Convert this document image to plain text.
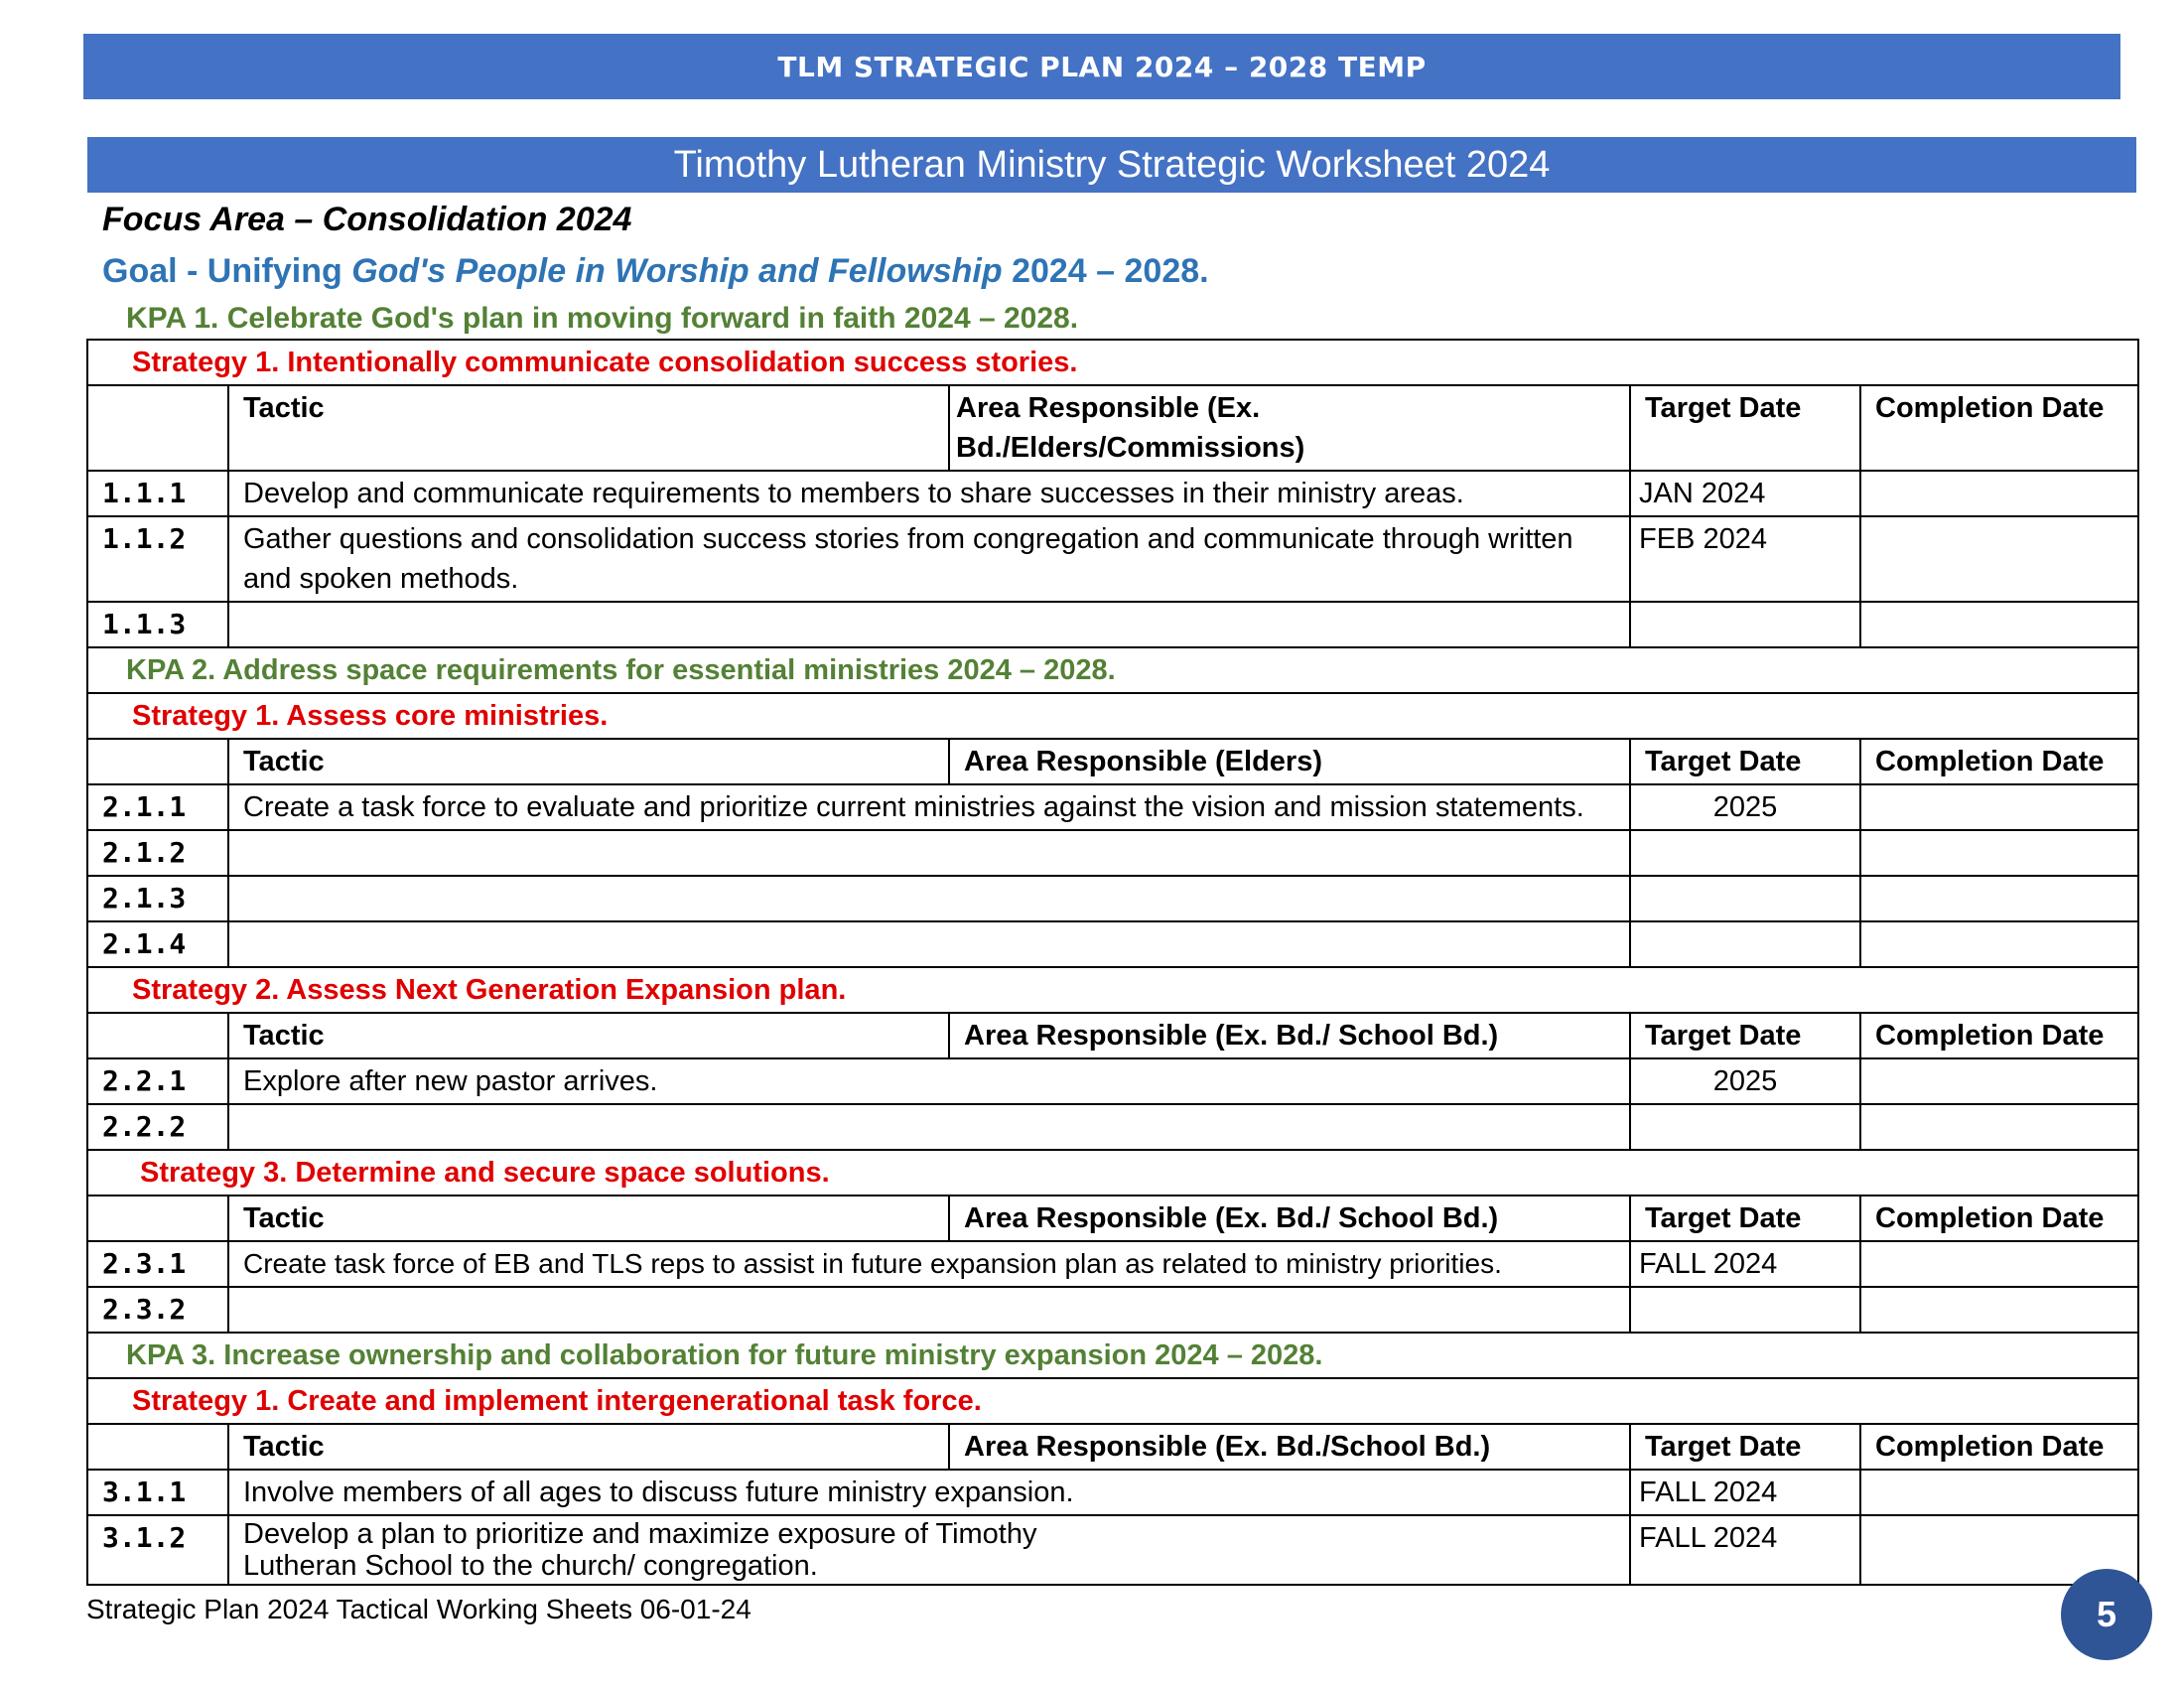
TLM STRATEGIC PLAN 2024 – 2028 TEMP
Timothy Lutheran Ministry Strategic Worksheet 2024
Focus Area – Consolidation 2024
Goal - Unifying God's People in Worship and Fellowship 2024 – 2028.
KPA 1. Celebrate God's plan in moving forward in faith 2024 – 2028.
Strategy 1. Intentionally communicate consolidation success stories.				
	Tactic	Area Responsible (Ex. Bd./Elders/Commissions)	Target Date	Completion Date
1.1.1	Develop and communicate requirements to members to share successes in their ministry areas.		JAN 2024	
1.1.2	Gather questions and consolidation success stories from congregation and communicate through written and spoken methods.		FEB 2024	
1.1.3				
KPA 2. Address space requirements for essential ministries 2024 – 2028.				
Strategy 1. Assess core ministries.				
	Tactic	Area Responsible (Elders)	Target Date	Completion Date
2.1.1	Create a task force to evaluate and prioritize current ministries against the vision and mission statements.		2025	
2.1.2				
2.1.3				
2.1.4				
Strategy 2. Assess Next Generation Expansion plan.				
	Tactic	Area Responsible (Ex. Bd./ School Bd.)	Target Date	Completion Date
2.2.1	Explore after new pastor arrives.		2025	
2.2.2				
Strategy 3. Determine and secure space solutions.				
	Tactic	Area Responsible (Ex. Bd./ School Bd.)	Target Date	Completion Date
2.3.1	Create task force of EB and TLS reps to assist in future expansion plan as related to ministry priorities.		FALL 2024	
2.3.2				
KPA 3. Increase ownership and collaboration for future ministry expansion 2024 – 2028.				
Strategy 1. Create and implement intergenerational task force.				
	Tactic	Area Responsible (Ex. Bd./School Bd.)	Target Date	Completion Date
3.1.1	Involve members of all ages to discuss future ministry expansion.		FALL 2024	
3.1.2	Develop a plan to prioritize and maximize exposure of Timothy Lutheran School to the church/ congregation.		FALL 2024	
Strategic Plan 2024 Tactical Working Sheets 06-01-24	5
